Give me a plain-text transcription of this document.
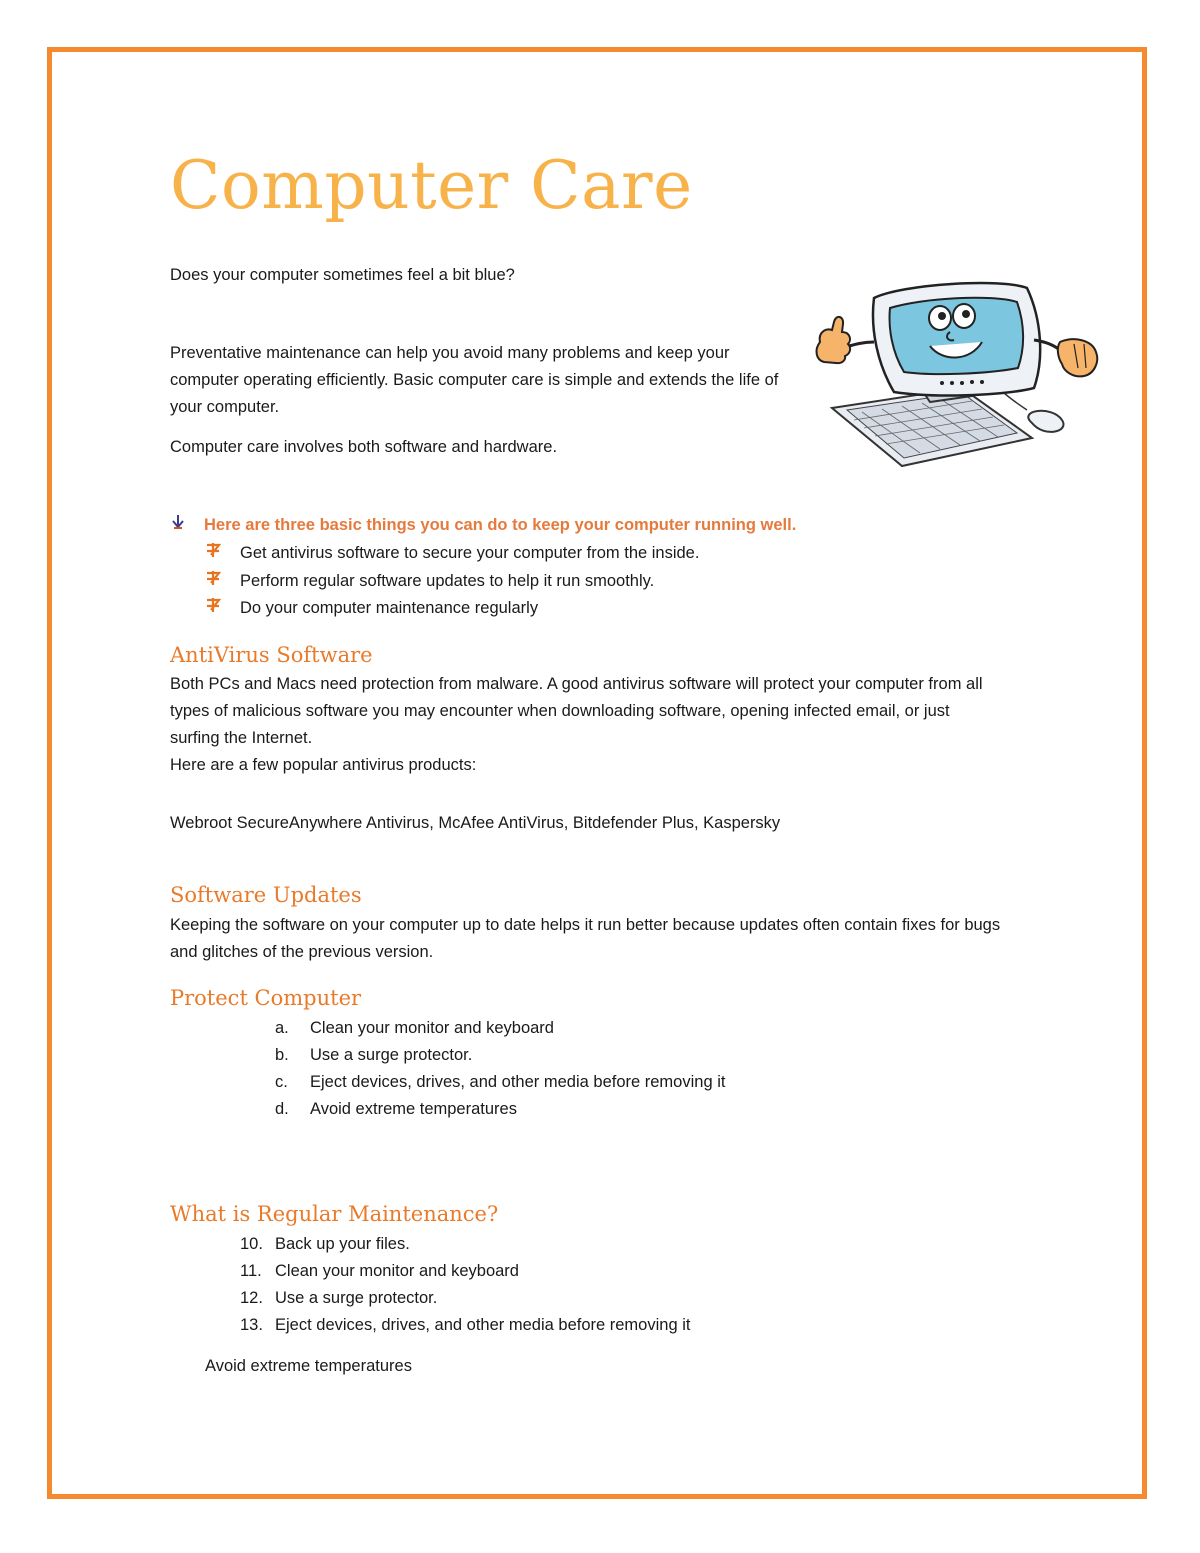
Computer Care
Does your computer sometimes feel a bit blue?
Preventative maintenance can help you avoid many problems and keep your computer operating efficiently. Basic computer care is simple and extends the life of your computer.
Computer care involves both software and hardware.
Here are three basic things you can do to keep your computer running well.
Get antivirus software to secure your computer from the inside.
Perform regular software updates to help it run smoothly.
Do your computer maintenance regularly
AntiVirus Software
Both PCs and Macs need protection from malware. A good antivirus software will protect your computer from all types of malicious software you may encounter when downloading software, opening infected email, or just surfing the Internet.
Here are a few popular antivirus products:
Webroot SecureAnywhere Antivirus, McAfee AntiVirus, Bitdefender Plus, Kaspersky
Software Updates
Keeping the software on your computer up to date helps it run better because updates often contain fixes for bugs and glitches of the previous version.
Protect Computer
a. Clean your monitor and keyboard
b. Use a surge protector.
c. Eject devices, drives, and other media before removing it
d. Avoid extreme temperatures
What is Regular Maintenance?
10. Back up your files.
11. Clean your monitor and keyboard
12. Use a surge protector.
13. Eject devices, drives, and other media before removing it
Avoid extreme temperatures
